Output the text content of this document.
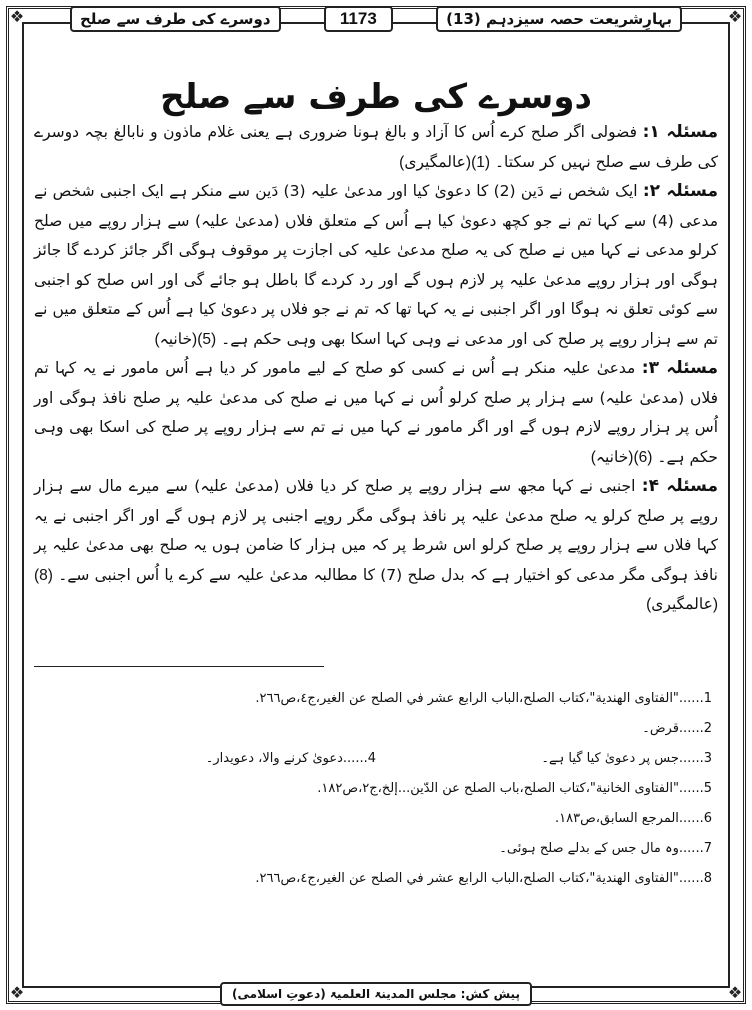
❖	❖
❖	❖
بہارِشریعت حصہ سیزدہم (13)
1173
دوسرے کی طرف سے صلح
دوسرے کی طرف سے صلح

مسئلہ ۱: فضولی اگر صلح کرے اُس کا آزاد و بالغ ہونا ضروری ہے یعنی غلام ماذون و نابالغ بچہ دوسرے کی طرف سے صلح نہیں کر سکتا۔ (1)(عالمگیری)

مسئلہ ۲: ایک شخص نے دَین (2) کا دعویٰ کیا اور مدعیٰ علیہ (3) دَین سے منکر ہے ایک اجنبی شخص نے مدعی (4) سے کہا تم نے جو کچھ دعویٰ کیا ہے اُس کے متعلق فلاں (مدعیٰ علیہ) سے ہزار روپے میں صلح کرلو مدعی نے کہا میں نے صلح کی یہ صلح مدعیٰ علیہ کی اجازت پر موقوف ہوگی اگر جائز کردے گا جائز ہوگی اور ہزار روپے مدعیٰ علیہ پر لازم ہوں گے اور رد کردے گا باطل ہو جائے گی اور اس صلح کو اجنبی سے کوئی تعلق نہ ہوگا اور اگر اجنبی نے یہ کہا تھا کہ تم نے جو فلاں پر دعویٰ کیا ہے اُس کے متعلق میں نے تم سے ہزار روپے پر صلح کی اور مدعی نے وہی کہا اسکا بھی وہی حکم ہے۔ (5)(خانیہ)

مسئلہ ۳: مدعیٰ علیہ منکر ہے اُس نے کسی کو صلح کے لیے مامور کر دیا ہے اُس مامور نے یہ کہا تم فلاں (مدعیٰ علیہ) سے ہزار پر صلح کرلو اُس نے کہا میں نے صلح کی مدعیٰ علیہ پر صلح نافذ ہوگی اور اُس پر ہزار روپے لازم ہوں گے اور اگر مامور نے کہا میں نے تم سے ہزار روپے پر صلح کی اسکا بھی وہی حکم ہے۔ (6)(خانیہ)

مسئلہ ۴: اجنبی نے کہا مجھ سے ہزار روپے پر صلح کر دیا فلاں (مدعیٰ علیہ) سے میرے مال سے ہزار روپے پر صلح کرلو یہ صلح مدعیٰ علیہ پر نافذ ہوگی مگر روپے اجنبی پر لازم ہوں گے اور اگر اجنبی نے یہ کہا فلاں سے ہزار روپے پر صلح کرلو اس شرط پر کہ میں ہزار کا ضامن ہوں یہ صلح بھی مدعیٰ علیہ پر نافذ ہوگی مگر مدعی کو اختیار ہے کہ بدل صلح (7) کا مطالبہ مدعیٰ علیہ سے کرے یا اُس اجنبی سے۔ (8)(عالمگیری)

1......"الفتاوى الهندية"،كتاب الصلح،الباب الرابع عشر في الصلح عن الغير،ج٤،ص٢٦٦.
2......قرض۔
3......جس پر دعویٰ کیا گیا ہے۔
4......دعویٰ کرنے والا، دعویدار۔
5......"الفتاوى الخانية"،كتاب الصلح،باب الصلح عن الدّين...إلخ،ج٢،ص١٨٢.
6......المرجع السابق،ص١٨٣.
7......وہ مال جس کے بدلے صلح ہوئی۔
8......"الفتاوى الهندية"،كتاب الصلح،الباب الرابع عشر في الصلح عن الغير،ج٤،ص٢٦٦.
پیش کش: مجلس المدینۃ العلمیۃ (دعوتِ اسلامی)
